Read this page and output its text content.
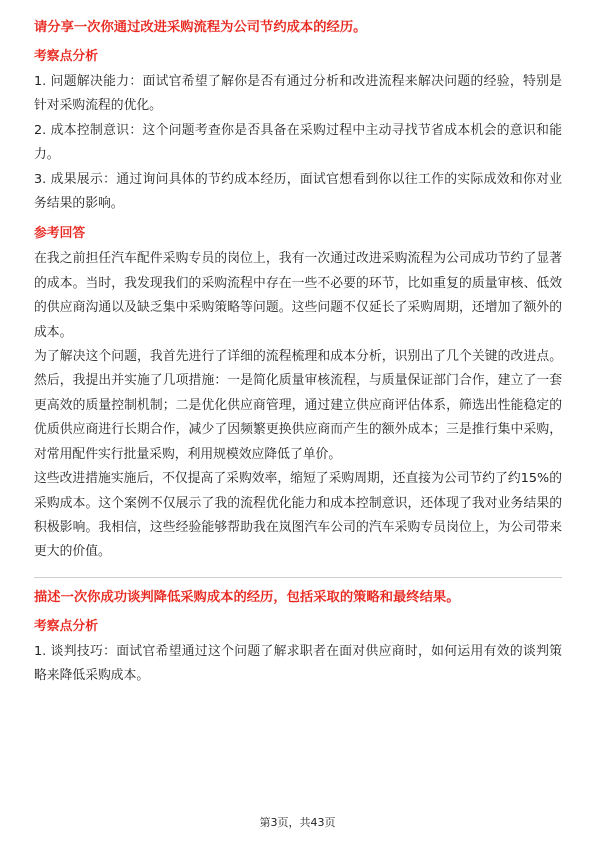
请分享一次你通过改进采购流程为公司节约成本的经历。

考察点分析

1. 问题解决能力：面试官希望了解你是否有通过分析和改进流程来解决问题的经验，特别是针对采购流程的优化。

2. 成本控制意识：这个问题考查你是否具备在采购过程中主动寻找节省成本机会的意识和能力。

3. 成果展示：通过询问具体的节约成本经历，面试官想看到你以往工作的实际成效和你对业务结果的影响。

参考回答

在我之前担任汽车配件采购专员的岗位上，我有一次通过改进采购流程为公司成功节约了显著的成本。当时，我发现我们的采购流程中存在一些不必要的环节，比如重复的质量审核、低效的供应商沟通以及缺乏集中采购策略等问题。这些问题不仅延长了采购周期，还增加了额外的成本。

为了解决这个问题，我首先进行了详细的流程梳理和成本分析，识别出了几个关键的改进点。然后，我提出并实施了几项措施：一是简化质量审核流程，与质量保证部门合作，建立了一套更高效的质量控制机制；二是优化供应商管理，通过建立供应商评估体系，筛选出性能稳定的优质供应商进行长期合作，减少了因频繁更换供应商而产生的额外成本；三是推行集中采购，对常用配件实行批量采购，利用规模效应降低了单价。

这些改进措施实施后，不仅提高了采购效率，缩短了采购周期，还直接为公司节约了约15%的采购成本。这个案例不仅展示了我的流程优化能力和成本控制意识，还体现了我对业务结果的积极影响。我相信，这些经验能够帮助我在岚图汽车公司的汽车采购专员岗位上，为公司带来更大的价值。

描述一次你成功谈判降低采购成本的经历，包括采取的策略和最终结果。

考察点分析

1. 谈判技巧：面试官希望通过这个问题了解求职者在面对供应商时，如何运用有效的谈判策略来降低采购成本。

第3页，共43页
